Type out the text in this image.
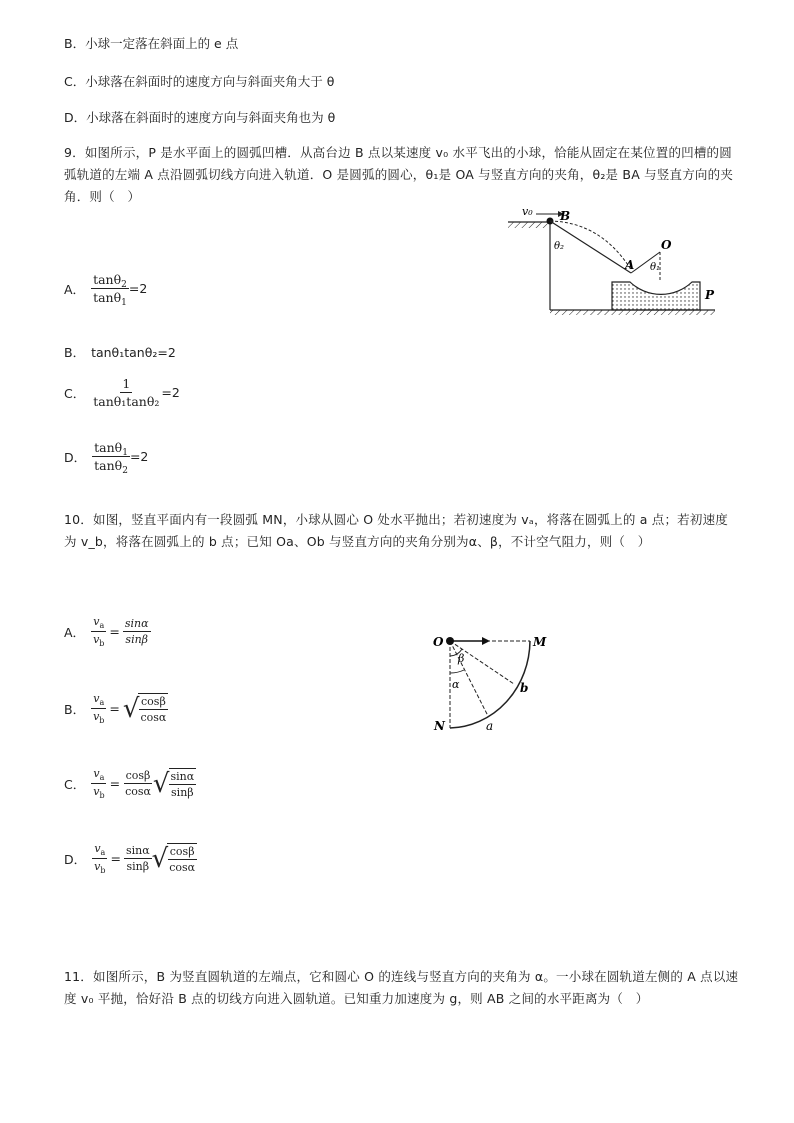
B．小球一定落在斜面上的 e 点
C．小球落在斜面时的速度方向与斜面夹角大于 θ
D．小球落在斜面时的速度方向与斜面夹角也为 θ
9．如图所示，P 是水平面上的圆弧凹槽．从高台边 B 点以某速度 v₀ 水平飞出的小球，恰能从固定在某位置的凹槽的圆弧轨道的左端 A 点沿圆弧切线方向进入轨道．O 是圆弧的圆心，θ₁是 OA 与竖直方向的夹角，θ₂是 BA 与竖直方向的夹角．则（　）
A． $\frac{\tan\theta_2}{\tan\theta_1} =2$
B． tanθ₁tanθ₂=2
C． $\frac{1}{\text{tanθ₁tanθ₂}} =2$
D． $\frac{\tan\theta_1}{\tan\theta_2} =2$
v₀ B
θ₂	O
θ₁
A
P
10．如图，竖直平面内有一段圆弧 MN，小球从圆心 O 处水平抛出；若初速度为 vₐ，将落在圆弧上的 a 点；若初速度为 v_b，将落在圆弧上的 b 点；已知 Oa、Ob 与竖直方向的夹角分别为α、β，不计空气阻力，则（　）
A． $\frac{v_a}{v_b} = \frac{\sin\alpha}{\sin\beta}$
B． $\frac{v_a}{v_b}$ = √ $\frac{\cos\beta}{\cos\alpha}$
C． $\frac{v_a}{v_b} = \frac{\cos\beta}{\cos\alpha}$ √ $\frac{\sin\alpha}{\sin\beta}$
D． $\frac{v_a}{v_b} = \frac{\sin\alpha}{\sin\beta}$ √ $\frac{\cos\beta}{\cos\alpha}$
O	M
N	a
b
α
β
11．如图所示，B 为竖直圆轨道的左端点，它和圆心 O 的连线与竖直方向的夹角为 α。一小球在圆轨道左侧的 A 点以速度 v₀ 平抛，恰好沿 B 点的切线方向进入圆轨道。已知重力加速度为 g，则 AB 之间的水平距离为（　）
